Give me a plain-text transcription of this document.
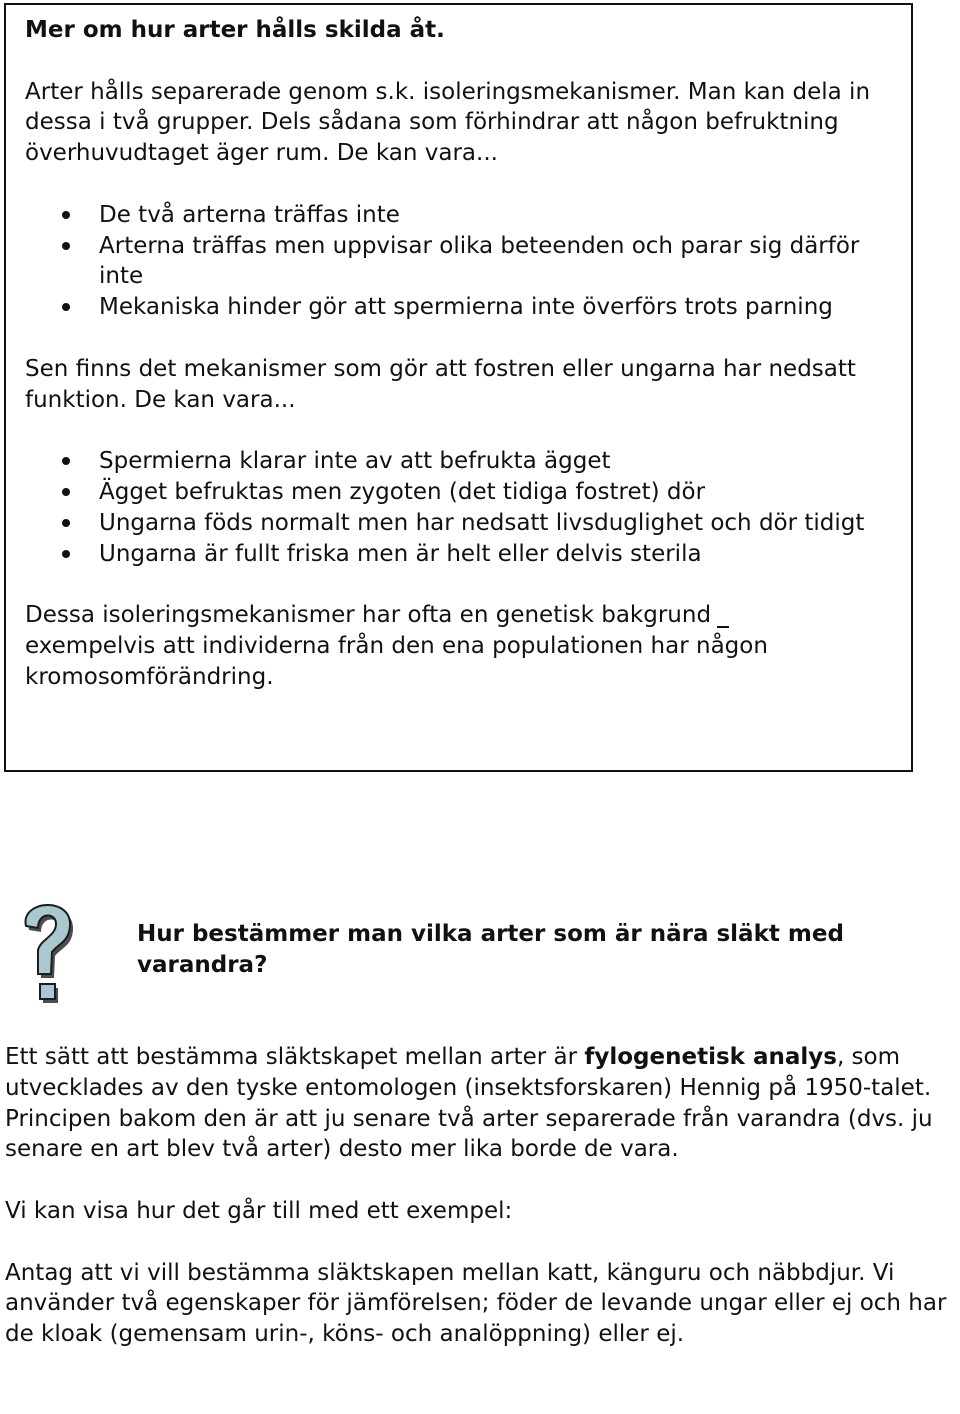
Mer om hur arter hålls skilda åt.

Arter hålls separerade genom s.k. isoleringsmekanismer. Man kan dela in dessa i två grupper. Dels sådana som förhindrar att någon befruktning överhuvudtaget äger rum. De kan vara...

De två arterna träffas inte
Arterna träffas men uppvisar olika beteenden och parar sig därför inte
Mekaniska hinder gör att spermierna inte överförs trots parning

Sen finns det mekanismer som gör att fostren eller ungarna har nedsatt funktion. De kan vara...

Spermierna klarar inte av att befrukta ägget
Ägget befruktas men zygoten (det tidiga fostret) dör
Ungarna föds normalt men har nedsatt livsduglighet och dör tidigt
Ungarna är fullt friska men är helt eller delvis sterila

Dessa isoleringsmekanismer har ofta en genetisk bakgrund
exempelvis att individerna från den ena populationen har någon kromosomförändring.

Hur bestämmer man vilka arter som är nära släkt med varandra?

Ett sätt att bestämma släktskapet mellan arter är fylogenetisk analys, som utvecklades av den tyske entomologen (insektsforskaren) Hennig på 1950-talet. Principen bakom den är att ju senare två arter separerade från varandra (dvs. ju senare en art blev två arter) desto mer lika borde de vara.

Vi kan visa hur det går till med ett exempel:

Antag att vi vill bestämma släktskapen mellan katt, känguru och näbbdjur. Vi använder två egenskaper för jämförelsen; föder de levande ungar eller ej och har de kloak (gemensam urin-, köns- och analöppning) eller ej.
